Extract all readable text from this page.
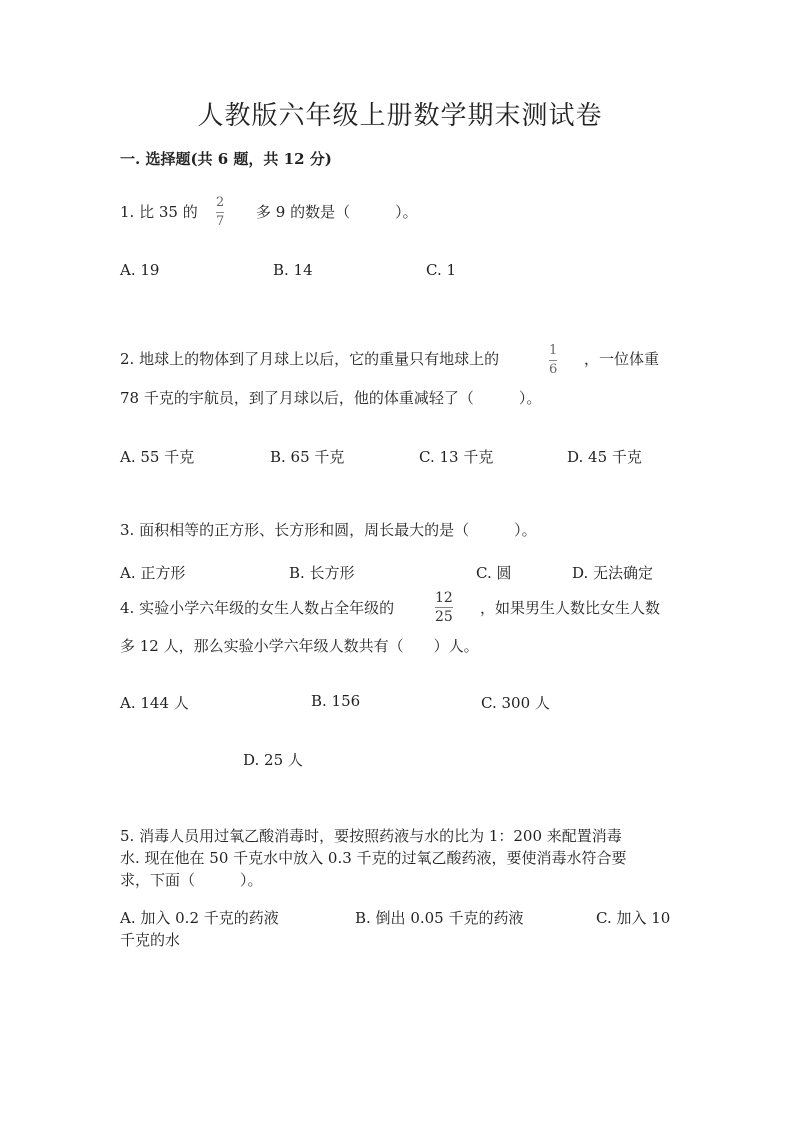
人教版六年级上册数学期末测试卷
一. 选择题(共 6 题，共 12 分)
1. 比 35 的
2
7
多 9 的数是（　　　）。
A. 19	B. 14	C. 1
2. 地球上的物体到了月球上以后，它的重量只有地球上的	1
6
，一位体重
78 千克的宇航员，到了月球以后，他的体重减轻了（　　　）。
A. 55 千克	B. 65 千克	C. 13 千克	D. 45 千克
3. 面积相等的正方形、长方形和圆，周长最大的是（　　　）。
A. 正方形	B. 长方形	C. 圆	D. 无法确定
4. 实验小学六年级的女生人数占全年级的
12
25 ，如果男生人数比女生人数
多 12 人，那么实验小学六年级人数共有（　　）人。
A. 144 人	B. 156	C. 300 人
D. 25 人
5. 消毒人员用过氧乙酸消毒时，要按照药液与水的比为 1：200 来配置消毒
水. 现在他在 50 千克水中放入 0.3 千克的过氧乙酸药液，要使消毒水符合要
求，下面（　　　）。
A. 加入 0.2 千克的药液	B. 倒出 0.05 千克的药液	C. 加入 10
千克的水
